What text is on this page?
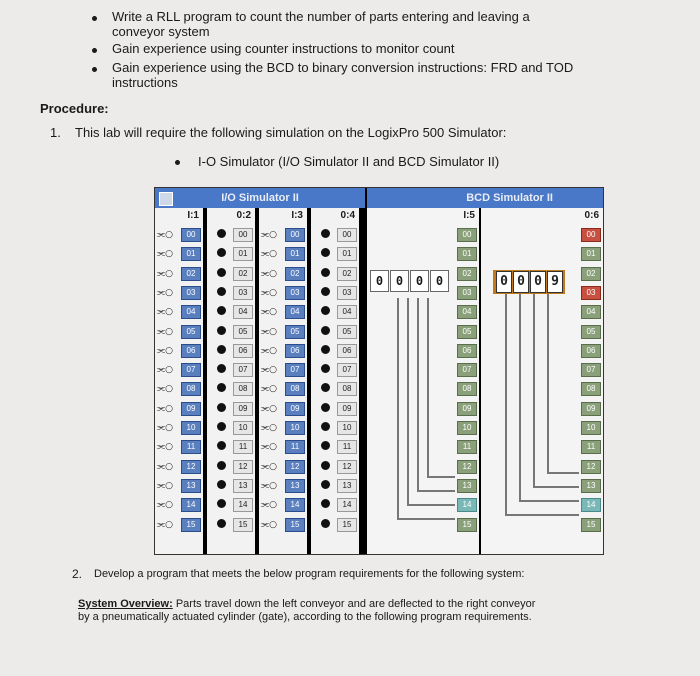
Write a RLL program to count the number of parts entering and leaving a
conveyor system
Gain experience using counter instructions to monitor count
Gain experience using the BCD to binary conversion instructions: FRD and TOD
instructions
Procedure:
1. This lab will require the following simulation on the LogixPro 500 Simulator:
I-O Simulator (I/O Simulator II and BCD Simulator II)
I/O Simulator II	BCD Simulator II
I:1
⫘○	00
⫘○	01
⫘○	02
⫘○	03
⫘○	04
⫘○	05
⫘○	06
⫘○	07
⫘○	08
⫘○	09
⫘○	10
⫘○	11
⫘○	12
⫘○	13
⫘○	14
⫘○	15
0:2
00
01
02
03
04
05
06
07
08
09
10
11
12
13
14
15
I:3
⫘○	00
⫘○	01
⫘○	02
⫘○	03
⫘○	04
⫘○	05
⫘○	06
⫘○	07
⫘○	08
⫘○	09
⫘○	10
⫘○	11
⫘○	12
⫘○	13
⫘○	14
⫘○	15
0:4
00
01
02
03
04
05
06
07
08
09
10
11
12
13
14
15
0	0	0	0
I:5
00
01
02
03
04
05
06
07
08
09
10
11
12
13
14
15
0 0 0 9
0:6
00
01
02
03
04
05
06
07
08
09
10
11
12
13
14
15
2. Develop a program that meets the below program requirements for the following system:
System Overview: Parts travel down the left conveyor and are deflected to the right conveyor
by a pneumatically actuated cylinder (gate), according to the following program requirements.
